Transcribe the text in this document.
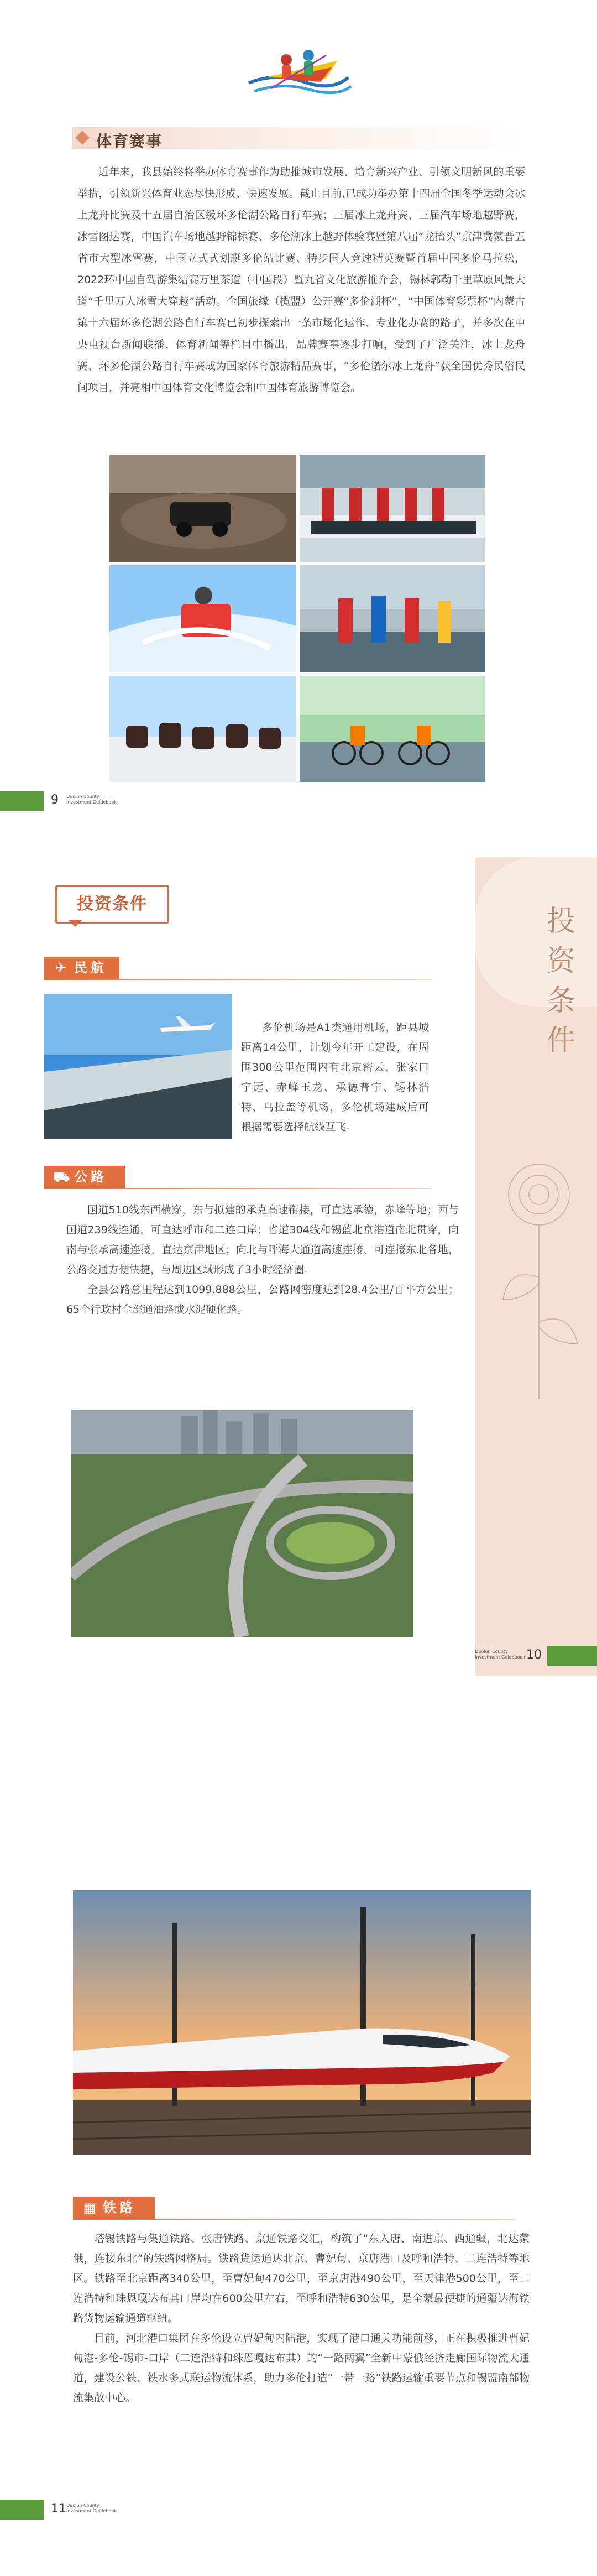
体育赛事

近年来，我县始终将举办体育赛事作为助推城市发展、培育新兴产业、引领文明新风的重要举措，引领新兴体育业态尽快形成、快速发展。截止目前,已成功举办第十四届全国冬季运动会冰上龙舟比赛及十五届自治区级环多伦湖公路自行车赛；三届冰上龙舟赛、三届汽车场地越野赛，冰雪图达赛，中国汽车场地越野锦标赛、多伦湖冰上越野体验赛暨第八届“龙抬头”京津冀蒙晋五省市大型冰雪赛，中国立式式划艇多伦站比赛、特步国人竞速精英赛暨首届中国多伦马拉松，2022环中国自驾游集结赛万里茶道（中国段）暨九省文化旅游推介会，锡林郭勒千里草原风景大道“千里万人冰雪大穿越”活动。全国旅缘（揽盟）公开赛“多伦湖杯”，“中国体育彩票杯”内蒙古第十六届环多伦湖公路自行车赛已初步探索出一条市场化运作、专业化办赛的路子，并多次在中央电视台新闻联播、体育新闻等栏目中播出，品牌赛事逐步打响，受到了广泛关注，冰上龙舟赛、环多伦湖公路自行车赛成为国家体育旅游精品赛事，“多伦诺尔冰上龙舟”获全国优秀民俗民间项目，并亮相中国体育文化博览会和中国体育旅游博览会。

9 Duolun County
Investment Guidebook
投资条件
投资条件
✈ 民航

多伦机场是A1类通用机场，距县城距离14公里，计划今年开工建设，在周围300公里范围内有北京密云、张家口宁远、赤峰玉龙、承德普宁、锡林浩特、乌拉盖等机场，多伦机场建成后可根据需要选择航线互飞。

⛟ 公路

国道510线东西横穿，东与拟建的承克高速衔接，可直达承德，赤峰等地；西与国道239线连通，可直达呼市和二连口岸；省道304线和锡蓝北京港道南北贯穿，向南与张承高速连接，直达京津地区；向北与呼海大通道高速连接，可连接东北各地，公路交通方便快捷，与周边区域形成了3小时经济圈。

全县公路总里程达到1099.888公里，公路网密度达到28.4公里/百平方公里；65个行政村全部通油路或水泥硬化路。

Duolun County
Investment Guidebook 10
▦ 铁路

塔锡铁路与集通铁路、张唐铁路、京通铁路交汇，构筑了“东入唐、南进京、西通疆，北达蒙俄，连接东北”的铁路网格局。铁路货运通达北京、曹妃甸、京唐港口及呼和浩特、二连浩特等地区。铁路至北京距离340公里，至曹妃甸470公里，至京唐港490公里，至天津港500公里，至二连浩特和珠恩嘎达布其口岸均在600公里左右，至呼和浩特630公里，是全蒙最便捷的通疆达海铁路货物运输通道枢纽。

目前，河北港口集团在多伦设立曹妃甸内陆港，实现了港口通关功能前移，正在积极推进曹妃甸港-多伦-锡市-口岸（二连浩特和珠恩嘎达布其）的“一路两翼”全新中蒙俄经济走廊国际物流大通道，建设公铁、铁水多式联运物流体系，助力多伦打造“一带一路”铁路运输重要节点和锡盟南部物流集散中心。

11 Duolun County
Investment Guidebook
